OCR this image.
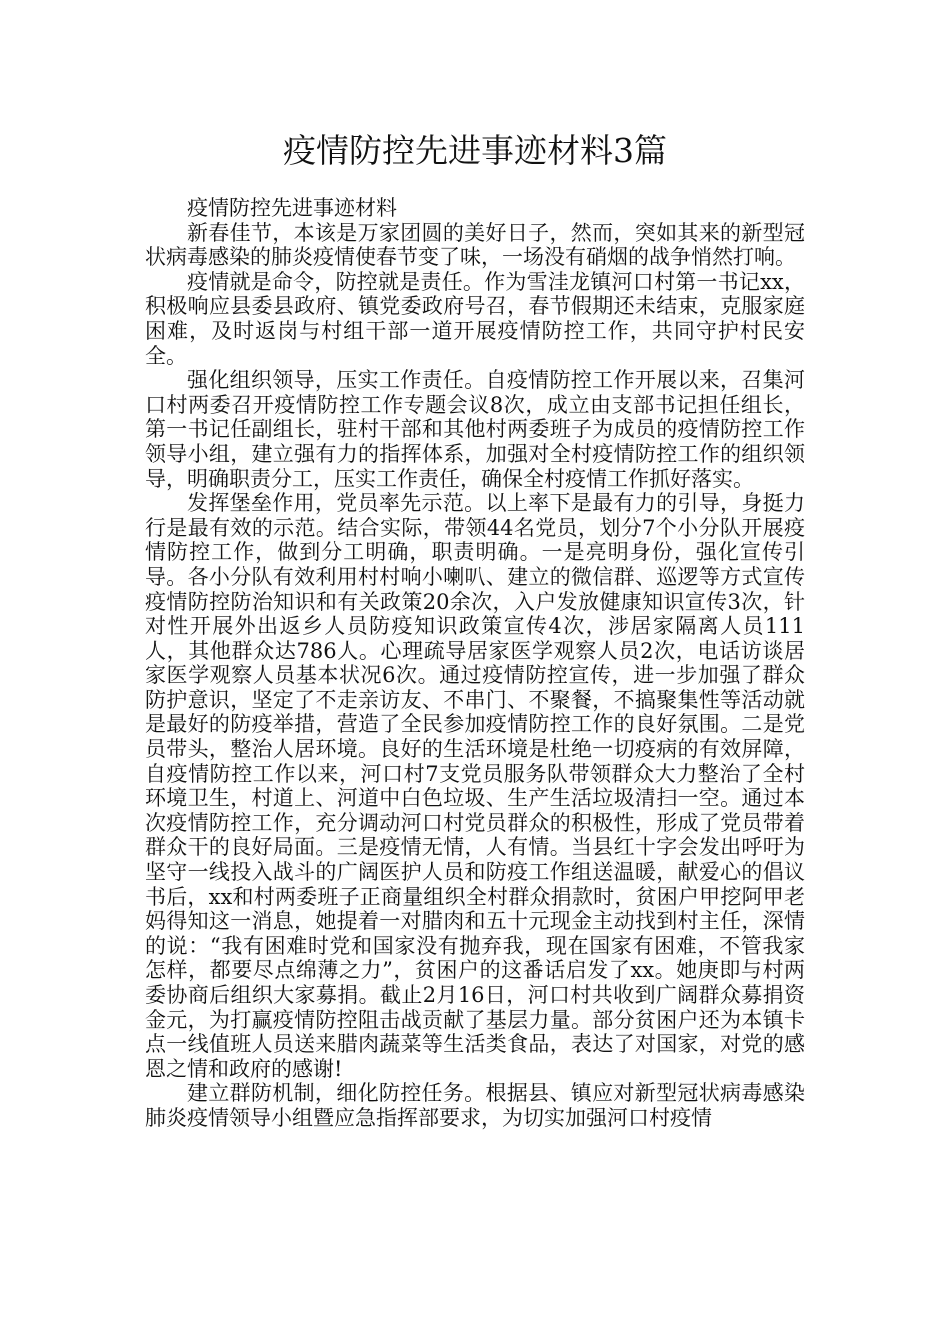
疫情防控先进事迹材料3篇

疫情防控先进事迹材料

新春佳节，本该是万家团圆的美好日子，然而，突如其来的新型冠状病毒感染的肺炎疫情使春节变了味，一场没有硝烟的战争悄然打响。

疫情就是命令，防控就是责任。作为雪洼龙镇河口村第一书记xx，积极响应县委县政府、镇党委政府号召，春节假期还未结束，克服家庭困难，及时返岗与村组干部一道开展疫情防控工作，共同守护村民安全。

强化组织领导，压实工作责任。自疫情防控工作开展以来，召集河口村两委召开疫情防控工作专题会议8次，成立由支部书记担任组长，第一书记任副组长，驻村干部和其他村两委班子为成员的疫情防控工作领导小组，建立强有力的指挥体系，加强对全村疫情防控工作的组织领导，明确职责分工，压实工作责任，确保全村疫情工作抓好落实。

发挥堡垒作用，党员率先示范。以上率下是最有力的引导，身挺力行是最有效的示范。结合实际，带领44名党员，划分7个小分队开展疫情防控工作，做到分工明确，职责明确。一是亮明身份，强化宣传引导。各小分队有效利用村村响小喇叭、建立的微信群、巡逻等方式宣传疫情防控防治知识和有关政策20余次，入户发放健康知识宣传3次，针对性开展外出返乡人员防疫知识政策宣传4次，涉居家隔离人员111人，其他群众达786人。心理疏导居家医学观察人员2次，电话访谈居家医学观察人员基本状况6次。通过疫情防控宣传，进一步加强了群众防护意识，坚定了不走亲访友、不串门、不聚餐，不搞聚集性等活动就是最好的防疫举措，营造了全民参加疫情防控工作的良好氛围。二是党员带头，整治人居环境。良好的生活环境是杜绝一切疫病的有效屏障，自疫情防控工作以来，河口村7支党员服务队带领群众大力整治了全村环境卫生，村道上、河道中白色垃圾、生产生活垃圾清扫一空。通过本次疫情防控工作，充分调动河口村党员群众的积极性，形成了党员带着群众干的良好局面。三是疫情无情，人有情。当县红十字会发出呼吁为坚守一线投入战斗的广阔医护人员和防疫工作组送温暖，献爱心的倡议书后，xx和村两委班子正商量组织全村群众捐款时，贫困户甲挖阿甲老妈得知这一消息，她提着一对腊肉和五十元现金主动找到村主任，深情的说：“我有困难时党和国家没有抛弃我，现在国家有困难，不管我家怎样，都要尽点绵薄之力”，贫困户的这番话启发了xx。她庚即与村两委协商后组织大家募捐。截止2月16日，河口村共收到广阔群众募捐资金元，为打赢疫情防控阻击战贡献了基层力量。部分贫困户还为本镇卡点一线值班人员送来腊肉蔬菜等生活类食品，表达了对国家，对党的感恩之情和政府的感谢!

建立群防机制，细化防控任务。根据县、镇应对新型冠状病毒感染肺炎疫情领导小组暨应急指挥部要求，为切实加强河口村疫情
